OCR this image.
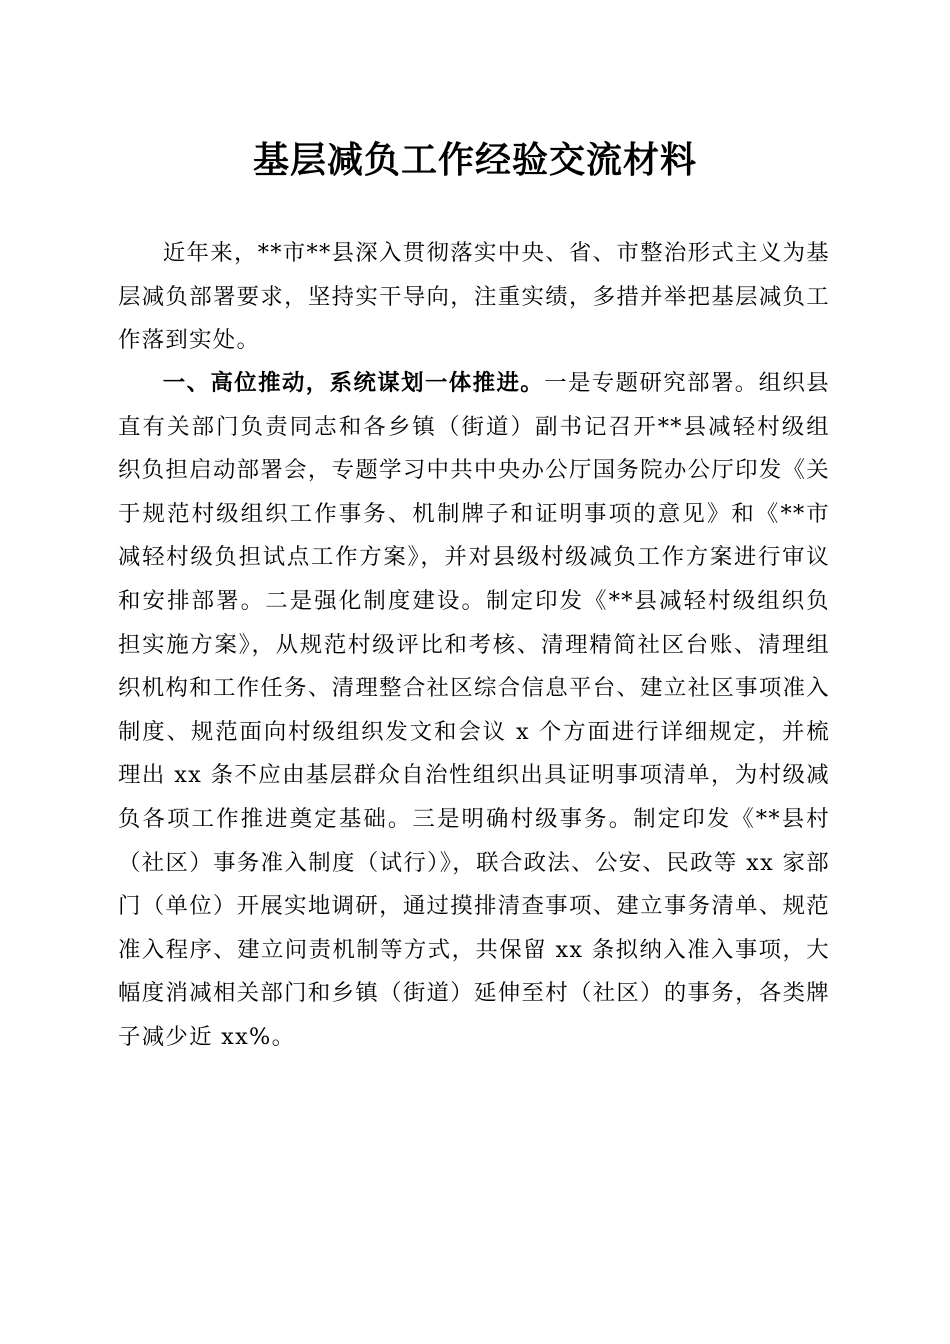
基层减负工作经验交流材料

近年来，**市**县深入贯彻落实中央、省、市整治形式主义为基层减负部署要求，坚持实干导向，注重实绩，多措并举把基层减负工作落到实处。

一、高位推动，系统谋划一体推进。一是专题研究部署。组织县直有关部门负责同志和各乡镇（街道）副书记召开**县减轻村级组织负担启动部署会，专题学习中共中央办公厅国务院办公厅印发《关于规范村级组织工作事务、机制牌子和证明事项的意见》和《**市减轻村级负担试点工作方案》，并对县级村级减负工作方案进行审议和安排部署。二是强化制度建设。制定印发《**县减轻村级组织负担实施方案》，从规范村级评比和考核、清理精简社区台账、清理组织机构和工作任务、清理整合社区综合信息平台、建立社区事项准入制度、规范面向村级组织发文和会议 x 个方面进行详细规定，并梳理出 xx 条不应由基层群众自治性组织出具证明事项清单，为村级减负各项工作推进奠定基础。三是明确村级事务。制定印发《**县村（社区）事务准入制度（试行）》，联合政法、公安、民政等 xx 家部门（单位）开展实地调研，通过摸排清查事项、建立事务清单、规范准入程序、建立问责机制等方式，共保留 xx 条拟纳入准入事项，大幅度消减相关部门和乡镇（街道）延伸至村（社区）的事务，各类牌子减少近 xx%。
